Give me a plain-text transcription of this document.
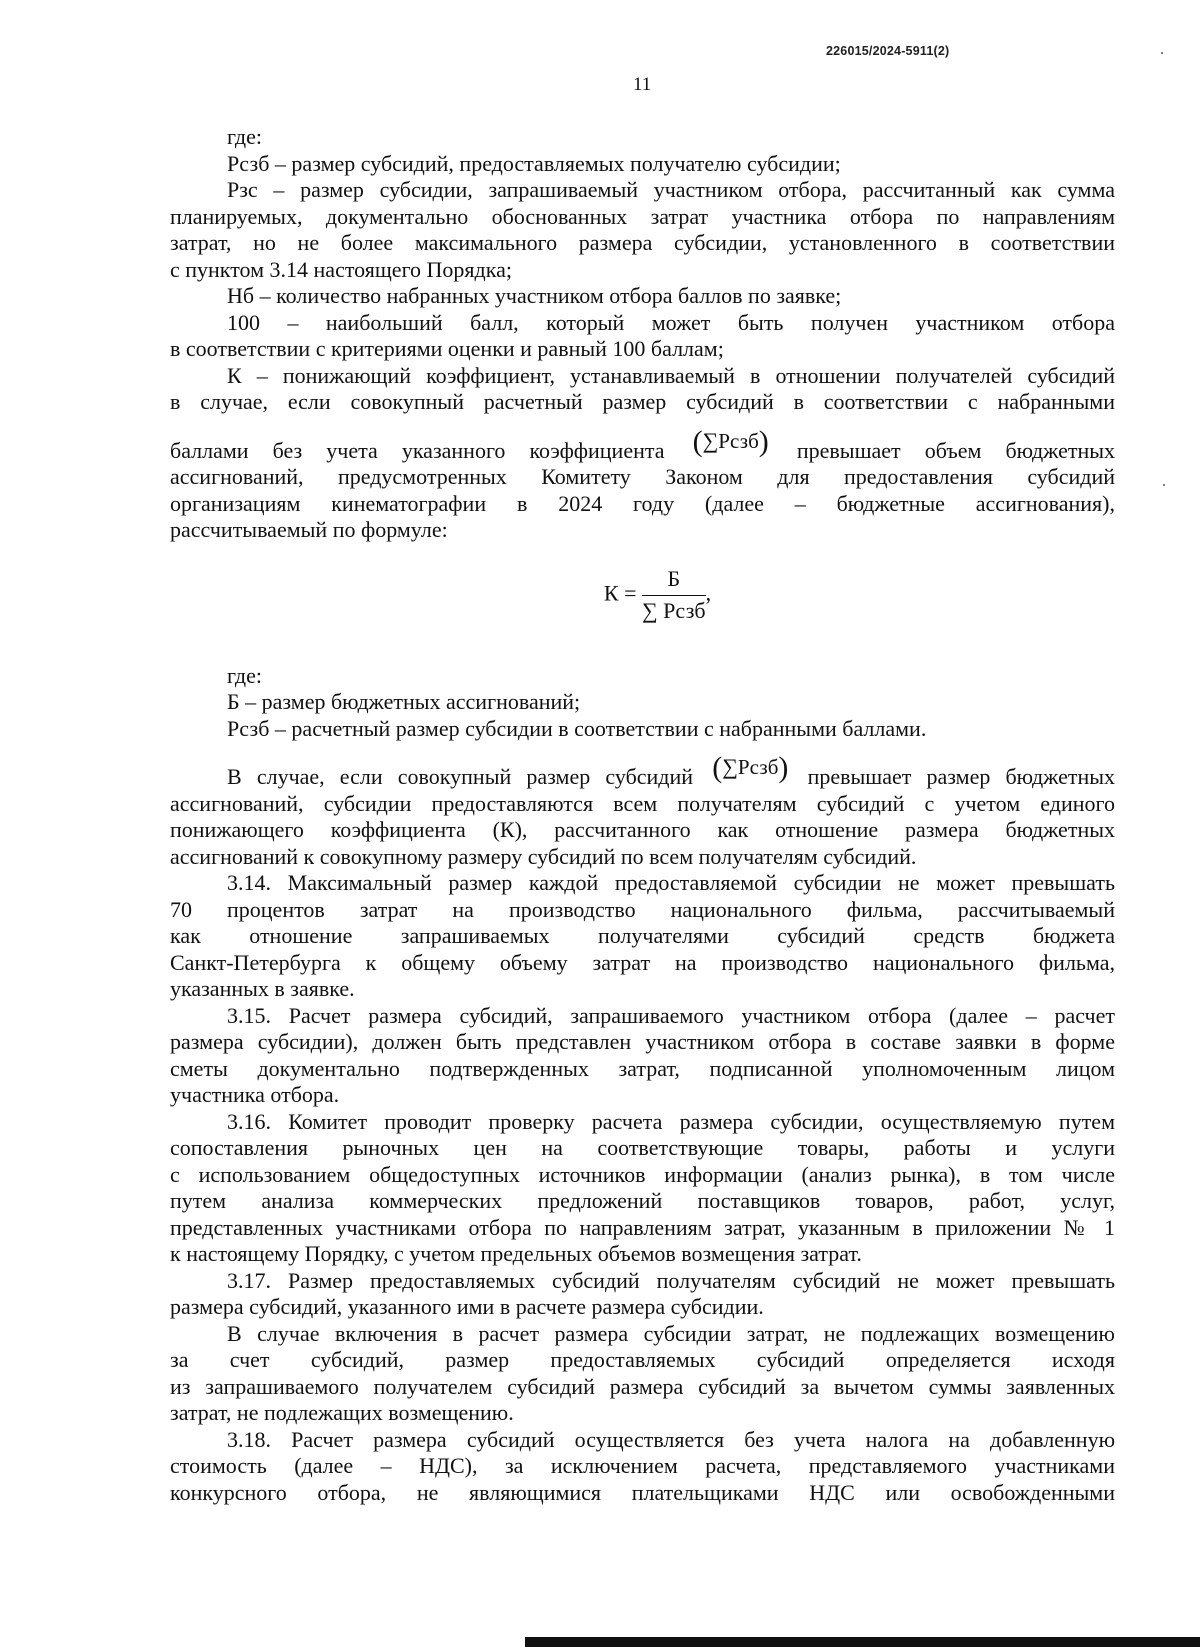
226015/2024-5911(2)
11

где:

Рсзб – размер субсидий, предоставляемых получателю субсидии;

Рзс – размер субсидии, запрашиваемый участником отбора, рассчитанный как сумма
планируемых, документально обоснованных затрат участника отбора по направлениям
затрат, но не более максимального размера субсидии, установленного в соответствии
с пунктом 3.14 настоящего Порядка;

Нб – количество набранных участником отбора баллов по заявке;

100 – наибольший балл, который может быть получен участником отбора
в соответствии с критериями оценки и равный 100 баллам;

К – понижающий коэффициент, устанавливаемый в отношении получателей субсидий
в случае, если совокупный расчетный размер субсидий в соответствии с набранными
баллами без учета указанного коэффициента (∑Рсзб) превышает объем бюджетных
ассигнований, предусмотренных Комитету Законом для предоставления субсидий
организациям кинематографии в 2024 году (далее – бюджетные ассигнования),
рассчитываемый по формуле:

$К = \frac{Б}{\text{∑ Рсзб}}$ ,

где:

Б – размер бюджетных ассигнований;

Рсзб – расчетный размер субсидии в соответствии с набранными баллами.

В случае, если совокупный размер субсидий (∑Рсзб) превышает размер бюджетных
ассигнований, субсидии предоставляются всем получателям субсидий с учетом единого
понижающего коэффициента (К), рассчитанного как отношение размера бюджетных
ассигнований к совокупному размеру субсидий по всем получателям субсидий.

3.14. Максимальный размер каждой предоставляемой субсидии не может превышать
70 процентов затрат на производство национального фильма, рассчитываемый
как отношение запрашиваемых получателями субсидий средств бюджета
Санкт-Петербурга к общему объему затрат на производство национального фильма,
указанных в заявке.

3.15. Расчет размера субсидий, запрашиваемого участником отбора (далее – расчет
размера субсидии), должен быть представлен участником отбора в составе заявки в форме
сметы документально подтвержденных затрат, подписанной уполномоченным лицом
участника отбора.

3.16. Комитет проводит проверку расчета размера субсидии, осуществляемую путем
сопоставления рыночных цен на соответствующие товары, работы и услуги
с использованием общедоступных источников информации (анализ рынка), в том числе
путем анализа коммерческих предложений поставщиков товаров, работ, услуг,
представленных участниками отбора по направлениям затрат, указанным в приложении № 1
к настоящему Порядку, с учетом предельных объемов возмещения затрат.

3.17. Размер предоставляемых субсидий получателям субсидий не может превышать
размера субсидий, указанного ими в расчете размера субсидии.

В случае включения в расчет размера субсидии затрат, не подлежащих возмещению
за счет субсидий, размер предоставляемых субсидий определяется исходя
из запрашиваемого получателем субсидий размера субсидий за вычетом суммы заявленных
затрат, не подлежащих возмещению.

3.18. Расчет размера субсидий осуществляется без учета налога на добавленную
стоимость (далее – НДС), за исключением расчета, представляемого участниками
конкурсного отбора, не являющимися плательщиками НДС или освобожденными
